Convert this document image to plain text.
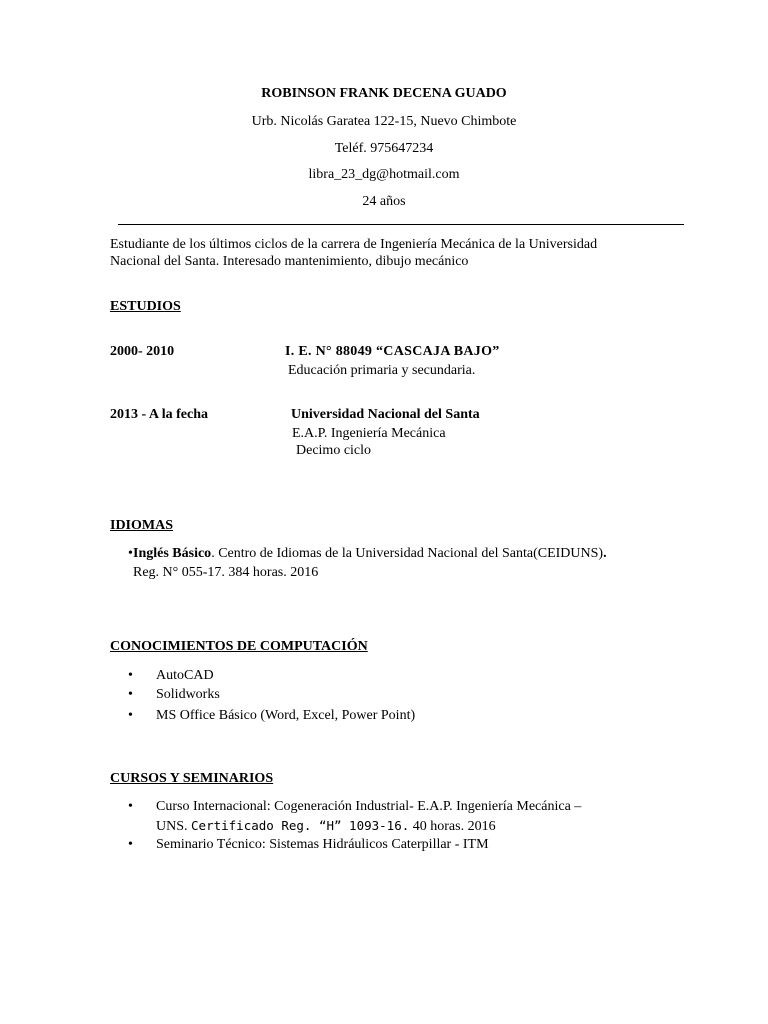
ROBINSON FRANK DECENA GUADO
Urb. Nicolás Garatea 122-15, Nuevo Chimbote
Teléf. 975647234
libra_23_dg@hotmail.com
24 años
Estudiante de los últimos ciclos de la carrera de Ingeniería Mecánica de la Universidad
Nacional del Santa. Interesado mantenimiento, dibujo mecánico
ESTUDIOS
2000- 2010	I. E. N° 88049 “CASCAJA BAJO”
Educación primaria y secundaria.
2013 - A la fecha	Universidad Nacional del Santa
E.A.P. Ingeniería Mecánica
Decimo ciclo
IDIOMAS
• Inglés Básico. Centro de Idiomas de la Universidad Nacional del Santa(CEIDUNS).
Reg. N° 055-17. 384 horas. 2016
CONOCIMIENTOS DE COMPUTACIÓN
• AutoCAD
• Solidworks
• MS Office Básico (Word, Excel, Power Point)
CURSOS Y SEMINARIOS
• Curso Internacional: Cogeneración Industrial- E.A.P. Ingeniería Mecánica –
UNS. Certificado Reg. “H” 1093-16. 40 horas. 2016
• Seminario Técnico: Sistemas Hidráulicos Caterpillar - ITM
